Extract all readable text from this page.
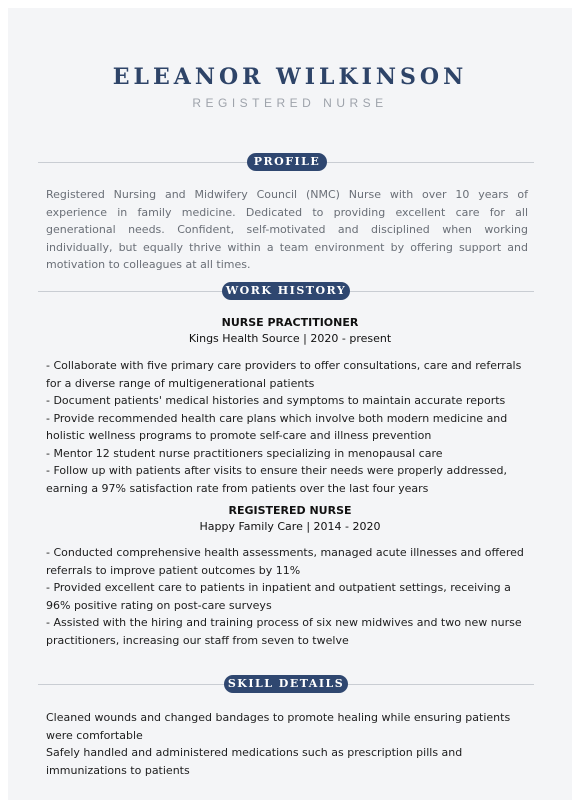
ELEANOR WILKINSON
REGISTERED NURSE
PROFILE
Registered Nursing and Midwifery Council (NMC) Nurse with over 10 years of experience in family medicine. Dedicated to providing excellent care for all generational needs. Confident, self-motivated and disciplined when working individually, but equally thrive within a team environment by offering support and motivation to colleagues at all times.
WORK HISTORY
NURSE PRACTITIONER
Kings Health Source | 2020 - present
- Collaborate with five primary care providers to offer consultations, care and referrals for a diverse range of multigenerational patients
- Document patients' medical histories and symptoms to maintain accurate reports
- Provide recommended health care plans which involve both modern medicine and holistic wellness programs to promote self-care and illness prevention
- Mentor 12 student nurse practitioners specializing in menopausal care
- Follow up with patients after visits to ensure their needs were properly addressed, earning a 97% satisfaction rate from patients over the last four years
REGISTERED NURSE
Happy Family Care | 2014 - 2020
- Conducted comprehensive health assessments, managed acute illnesses and offered referrals to improve patient outcomes by 11%
- Provided excellent care to patients in inpatient and outpatient settings, receiving a 96% positive rating on post-care surveys
- Assisted with the hiring and training process of six new midwives and two new nurse practitioners, increasing our staff from seven to twelve
SKILL DETAILS
Cleaned wounds and changed bandages to promote healing while ensuring patients were comfortable
Safely handled and administered medications such as prescription pills and immunizations to patients
